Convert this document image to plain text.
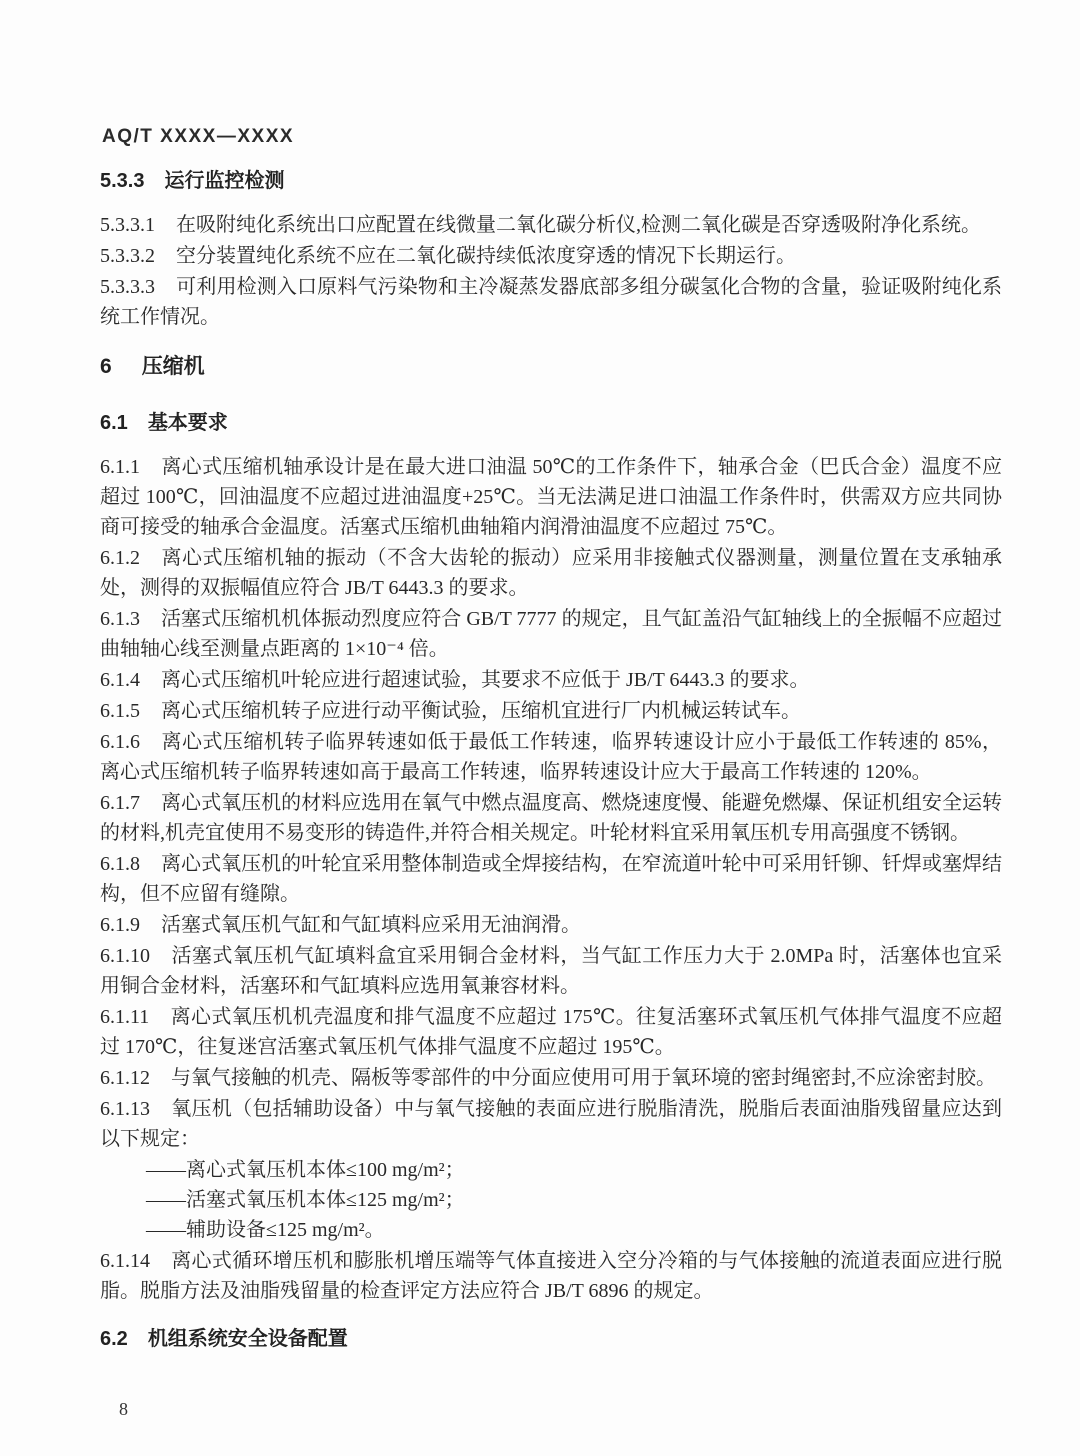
AQ/T XXXX—XXXX
5.3.3 运行监控检测

5.3.3.1 在吸附纯化系统出口应配置在线微量二氧化碳分析仪,检测二氧化碳是否穿透吸附净化系统。

5.3.3.2 空分装置纯化系统不应在二氧化碳持续低浓度穿透的情况下长期运行。

5.3.3.3 可利用检测入口原料气污染物和主冷凝蒸发器底部多组分碳氢化合物的含量，验证吸附纯化系统工作情况。

6 压缩机
6.1 基本要求

6.1.1 离心式压缩机轴承设计是在最大进口油温 50℃的工作条件下，轴承合金（巴氏合金）温度不应超过 100℃，回油温度不应超过进油温度+25℃。当无法满足进口油温工作条件时，供需双方应共同协商可接受的轴承合金温度。活塞式压缩机曲轴箱内润滑油温度不应超过 75℃。

6.1.2 离心式压缩机轴的振动（不含大齿轮的振动）应采用非接触式仪器测量，测量位置在支承轴承处，测得的双振幅值应符合 JB/T 6443.3 的要求。

6.1.3 活塞式压缩机机体振动烈度应符合 GB/T 7777 的规定，且气缸盖沿气缸轴线上的全振幅不应超过曲轴轴心线至测量点距离的 1×10⁻⁴ 倍。

6.1.4 离心式压缩机叶轮应进行超速试验，其要求不应低于 JB/T 6443.3 的要求。

6.1.5 离心式压缩机转子应进行动平衡试验，压缩机宜进行厂内机械运转试车。

6.1.6 离心式压缩机转子临界转速如低于最低工作转速，临界转速设计应小于最低工作转速的 85%，离心式压缩机转子临界转速如高于最高工作转速，临界转速设计应大于最高工作转速的 120%。

6.1.7 离心式氧压机的材料应选用在氧气中燃点温度高、燃烧速度慢、能避免燃爆、保证机组安全运转的材料,机壳宜使用不易变形的铸造件,并符合相关规定。叶轮材料宜采用氧压机专用高强度不锈钢。

6.1.8 离心式氧压机的叶轮宜采用整体制造或全焊接结构，在窄流道叶轮中可采用钎铆、钎焊或塞焊结构，但不应留有缝隙。

6.1.9 活塞式氧压机气缸和气缸填料应采用无油润滑。

6.1.10 活塞式氧压机气缸填料盒宜采用铜合金材料，当气缸工作压力大于 2.0MPa 时，活塞体也宜采用铜合金材料，活塞环和气缸填料应选用氧兼容材料。

6.1.11 离心式氧压机机壳温度和排气温度不应超过 175℃。往复活塞环式氧压机气体排气温度不应超过 170℃，往复迷宫活塞式氧压机气体排气温度不应超过 195℃。

6.1.12 与氧气接触的机壳、隔板等零部件的中分面应使用可用于氧环境的密封绳密封,不应涂密封胶。

6.1.13 氧压机（包括辅助设备）中与氧气接触的表面应进行脱脂清洗，脱脂后表面油脂残留量应达到以下规定：

——离心式氧压机本体≤100 mg/m²；

——活塞式氧压机本体≤125 mg/m²；

——辅助设备≤125 mg/m²。

6.1.14 离心式循环增压机和膨胀机增压端等气体直接进入空分冷箱的与气体接触的流道表面应进行脱脂。脱脂方法及油脂残留量的检查评定方法应符合 JB/T 6896 的规定。

6.2 机组系统安全设备配置
8
